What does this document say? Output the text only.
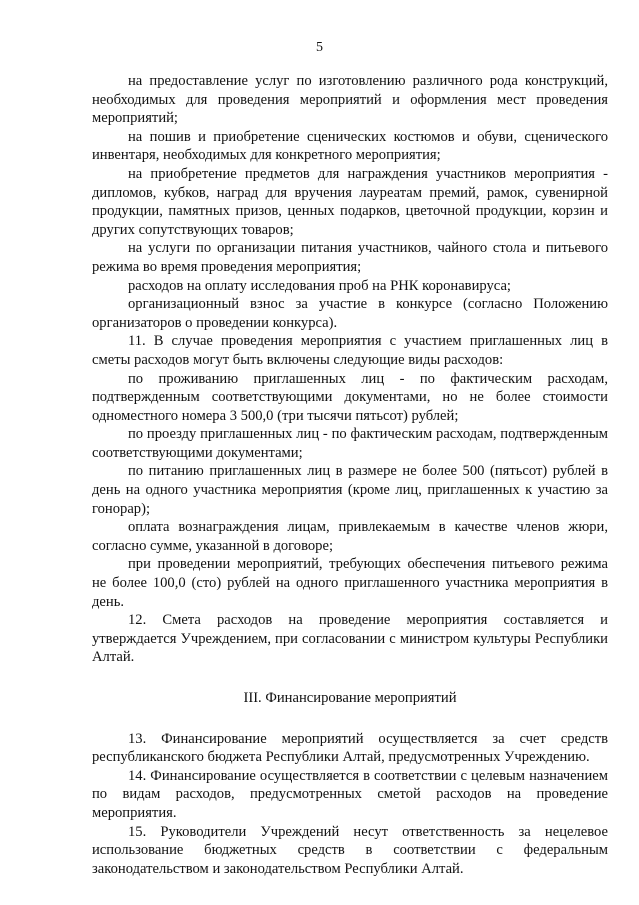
5

на предоставление услуг по изготовлению различного рода конструкций, необходимых для проведения мероприятий и оформления мест проведения мероприятий;

на пошив и приобретение сценических костюмов и обуви, сценического инвентаря, необходимых для конкретного мероприятия;

на приобретение предметов для награждения участников мероприятия - дипломов, кубков, наград для вручения лауреатам премий, рамок, сувенирной продукции, памятных призов, ценных подарков, цветочной продукции, корзин и других сопутствующих товаров;

на услуги по организации питания участников, чайного стола и питьевого режима во время проведения мероприятия;

расходов на оплату исследования проб на РНК коронавируса;

организационный взнос за участие в конкурсе (согласно Положению организаторов о проведении конкурса).

11. В случае проведения мероприятия с участием приглашенных лиц в сметы расходов могут быть включены следующие виды расходов:

по проживанию приглашенных лиц - по фактическим расходам, подтвержденным соответствующими документами, но не более стоимости одноместного номера 3 500,0 (три тысячи пятьсот) рублей;

по проезду приглашенных лиц - по фактическим расходам, подтвержденным соответствующими документами;

по питанию приглашенных лиц в размере не более 500 (пятьсот) рублей в день на одного участника мероприятия (кроме лиц, приглашенных к участию за гонорар);

оплата вознаграждения лицам, привлекаемым в качестве членов жюри, согласно сумме, указанной в договоре;

при проведении мероприятий, требующих обеспечения питьевого режима не более 100,0 (сто) рублей на одного приглашенного участника мероприятия в день.

12. Смета расходов на проведение мероприятия составляется и утверждается Учреждением, при согласовании с министром культуры Республики Алтай.

III. Финансирование мероприятий

13. Финансирование мероприятий осуществляется за счет средств республиканского бюджета Республики Алтай, предусмотренных Учреждению.

14. Финансирование осуществляется в соответствии с целевым назначением по видам расходов, предусмотренных сметой расходов на проведение мероприятия.

15. Руководители Учреждений несут ответственность за нецелевое использование бюджетных средств в соответствии с федеральным законодательством и законодательством Республики Алтай.
